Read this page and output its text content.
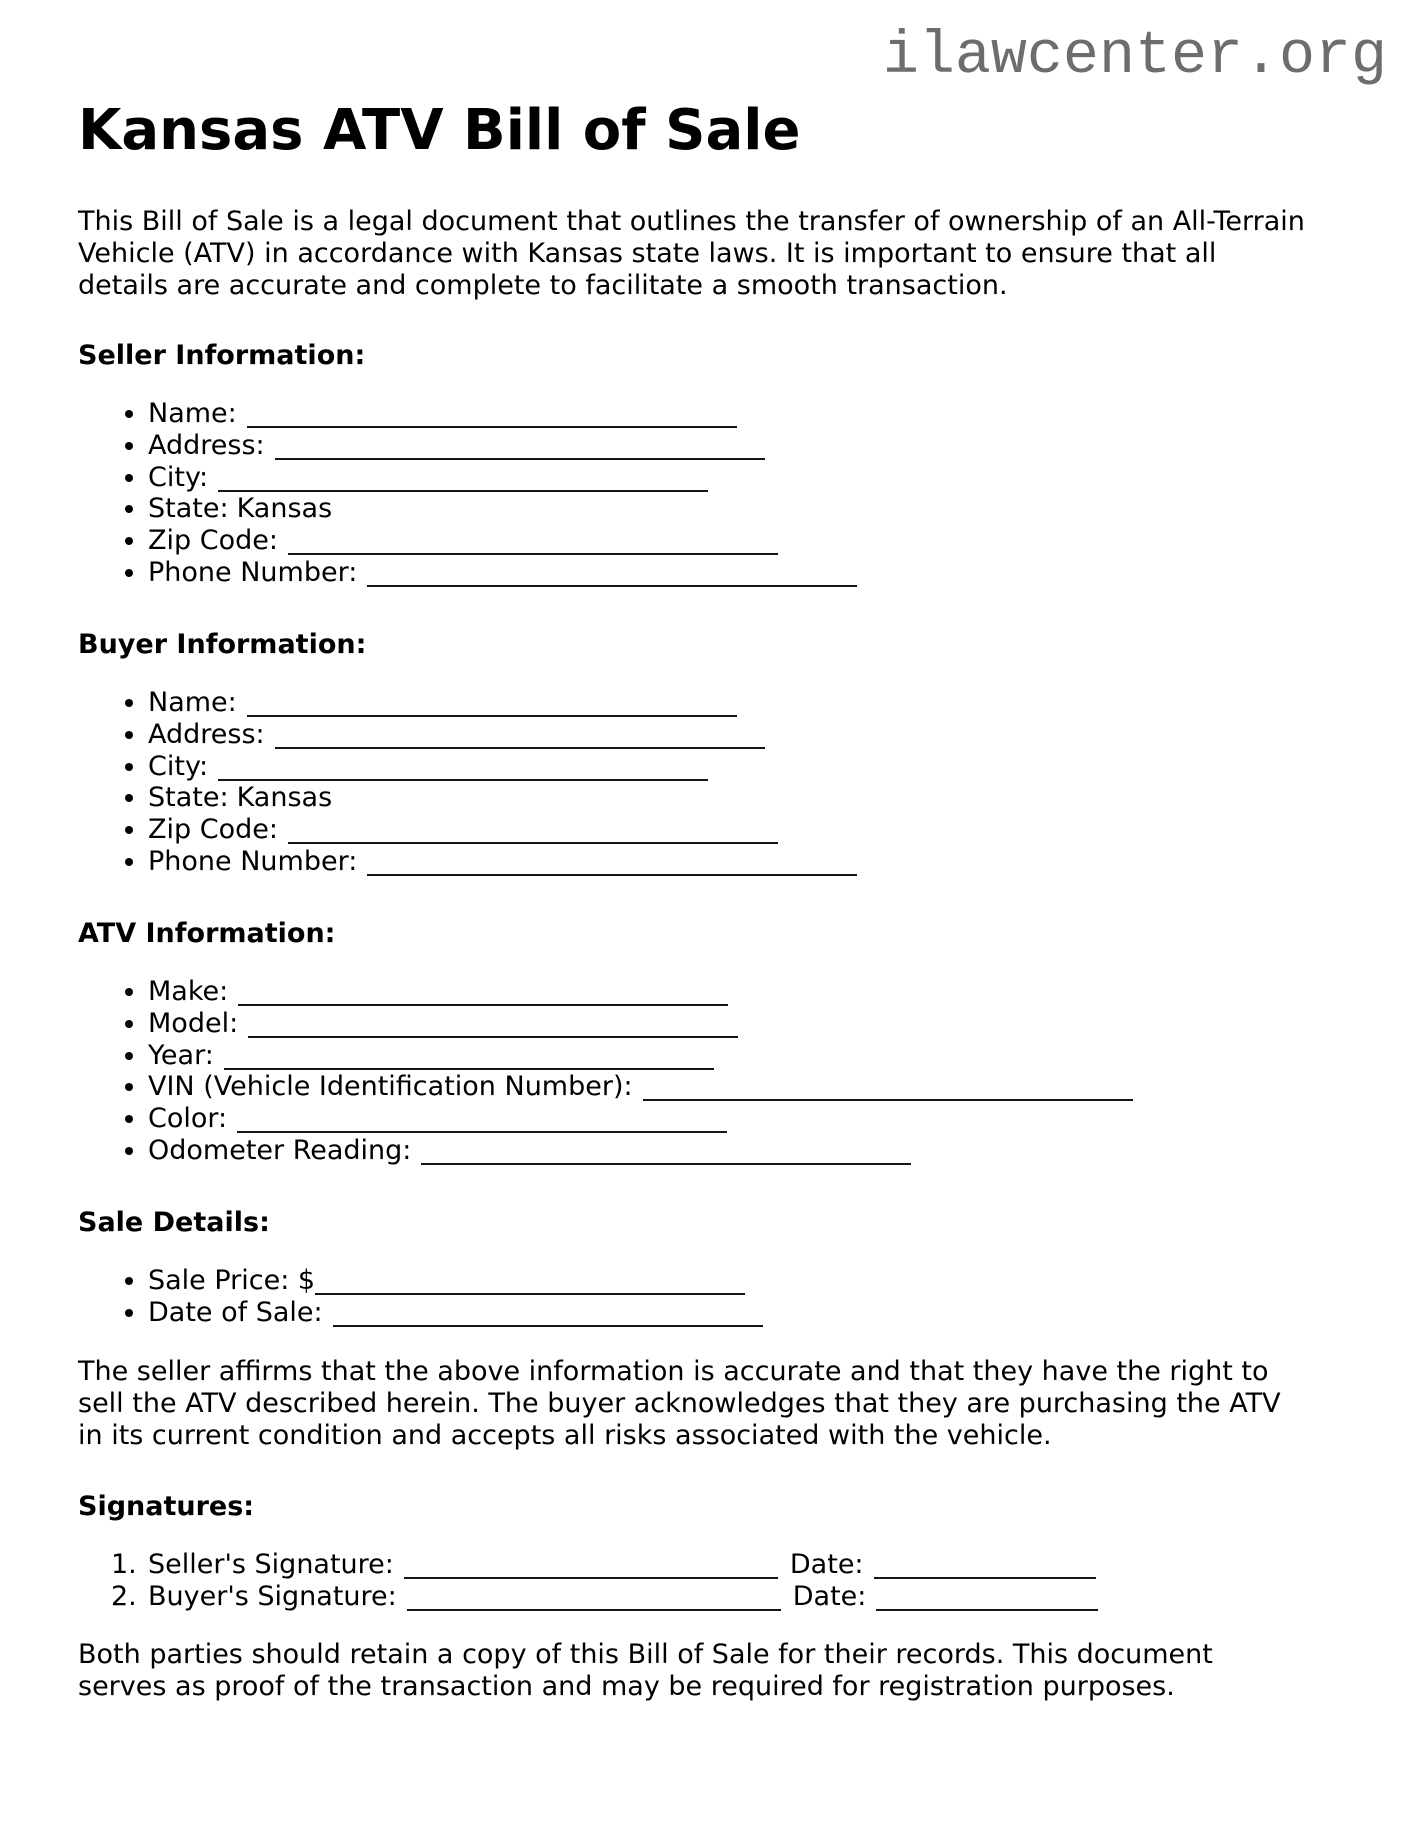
ilawcenter.org
Kansas ATV Bill of Sale
This Bill of Sale is a legal document that outlines the transfer of ownership of an All-Terrain
Vehicle (ATV) in accordance with Kansas state laws. It is important to ensure that all
details are accurate and complete to facilitate a smooth transaction.
Seller Information:
• Name:
• Address:
• City:
• State: Kansas
• Zip Code:
• Phone Number:
Buyer Information:
• Name:
• Address:
• City:
• State: Kansas
• Zip Code:
• Phone Number:
ATV Information:
• Make:
• Model:
• Year:
• VIN (Vehicle Identification Number):
• Color:
• Odometer Reading:
Sale Details:
• Sale Price: $
• Date of Sale:
The seller affirms that the above information is accurate and that they have the right to
sell the ATV described herein. The buyer acknowledges that they are purchasing the ATV
in its current condition and accepts all risks associated with the vehicle.
Signatures:
1. Seller's Signature:	Date:
2. Buyer's Signature:	Date:
Both parties should retain a copy of this Bill of Sale for their records. This document
serves as proof of the transaction and may be required for registration purposes.
